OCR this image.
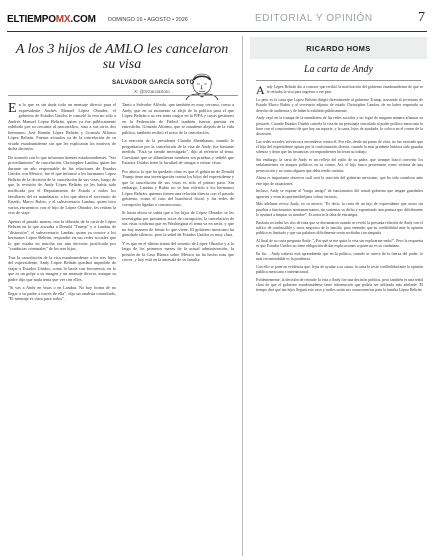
ELTIEMPOMX.COM DOMINGO 16 • AGOSTO • 2026	EDITORIAL Y OPINIÓN	7
A los 3 hijos de AMLO les cancelaron su visa
SALVADOR GARCÍA SOTO
X: @SGarciaSoto

En lo que es sin duda todo un mensaje directo para el expresidente Andrés Manuel López Obrador, el gobierno de Estados Unidos le canceló la visa no sólo a Andrés Manuel López Beltrán, quien ya fue públicamente exhibido por su cercanía al narcotráfico, sino a sus otros dos hermanos, José Ramón López Beltrán y Gonzalo Alfonso López Beltrán. Fueron avisados ya de la cancelación de su visado estadounidense sin que les explicaran los motivos de dicha decisión.

De acuerdo con lo que informan fuentes estadounidenses, "Ser procedimiento" de cancelación, Christopher Landau, quien fue durante un año responsable de las relaciones de Estados Unidos con México, fue el que informó a los hermanos López Beltrán de la decisión de la cancelación de sus visas, luego de que la revisión de Andy López Beltrán ya les había sido notificada por el Departamento de Estado a todos los familiares del ex mandatario, a los que ahora el secretario de Estado, Marco Rubio, y el subsecretario Landau, quien tuvo varios encuentros con el hijo de López Obrador, les retiran la visa de viaje.

Apenas el pasado martes, tras la difusión de la carta de López Beltrán en la que acusaba a Donald "Trump" y a Landau de "distorsión", el subsecretario Landau, quien ya conoce a los hermanos López Beltrán, respondió en sus redes sociales que lo que estaba en marcha era una decisión justificada por "conductas criminales" de los tres hijos.

Tras la cancelación de la visa estadounidense a los tres hijos del expresidente, Andy López Beltrán quedará impedido de viajar a Estados Unidos, como lo hacía con frecuencia, en lo que es un golpe a su imagen y un mensaje directo, aunque su padre dijo que nada tenía que ver con ellos.

"Si vas a Andy en visas o en Landau. No hay forma de no llegar a su padre a través de ella", dijo un analista consultado, "El mensaje es claro para todos".

Tanto a Salvador Alfredo, que también es muy cercano, como a Andy, que en su momento se alejó de la política para el que López Beltrán a su vez tenía cargos en la FIFA y cuyas gestiones en la Federación de Fútbol también fueron puestas en entredicho. Gonzalo Alfonso, que se mantiene alejado de la vida pública, también recibió el aviso de la cancelación.

La reacción de la presidenta Claudia Sheinbaum, cuando le preguntaron por la cancelación de la visa de Andy, fue bastante medida. "Está ya siendo investigado", dijo al referirse al tema. Cuestionó que se difundieran nombres sin pruebas y señaló que Estados Unidos tiene la facultad de otorgar o retirar visas.

Por ahora, lo que ha quedado claro es que el gobierno de Donald Trump tiene una investigación contra los hijos del expresidente y que la cancelación de sus visas es sólo el primer paso. Sin embargo, Landau y Rubio no se han referido a los hermanos López Beltrán, quienes tienen una relación directa con el pasado gobierno, como el caso del huachicol fiscal, y las redes de corrupción ligadas a constructoras.

Si hasta ahora se sabía que a los hijos de López Obrador se les investigaba por presuntos actos de corrupción, la cancelación de sus visas confirma que en Washington el tema va en serio, y que no hay manera de frenar lo que viene. El gobierno mexicano ha guardado silencio, pero la señal de Estados Unidos es muy clara.

Y es que en el último tramo del sexenio de López Obrador y a lo largo de los primeros meses de la actual administración, la presión de la Casa Blanca sobre México no ha hecho más que crecer, y hoy está en la antesala de su familia.

RICARDO HOMS
La carta de Andy

Andy López Beltrán dio a conocer que recibió la notificación del gobierno estadounidense de que se le retiraba la visa para ingresar a ese país.

Lo peor es la carta que López Beltrán dirigió directamente al gobierno Trump, acusando al secretario de Estado Marco Rubio y al secretario adjunto de estado Christopher Landau, de no haber respetado su derecho de audiencia y de haberlo exhibido públicamente.

Andy cayó en la trampa de la inmediatez de las redes sociales y no logró de ninguna manera afianzar su posición. Cuando Estados Unidos cancela la visa de un personaje vinculado al poder político mexicano lo hace con el conocimiento de que hay un soporte, y la carta, lejos de ayudarle, lo coloca en el centro de la discusión.

Las redes sociales volvieron a encenderse contra él. Por ello, desde mi punto de vista, no fue acertado que el hijo del expresidente optara por la confrontación directa, cuando lo más prudente hubiera sido guardar silencio y dejar que las instancias correspondientes hicieran su trabajo.

Sin embargo, la carta de Andy es un reflejo del estilo de su padre, que siempre buscó convertir los señalamientos en ataques políticos en su contra. Así, el hijo busca presentarse como víctima de una persecución y no como alguien que deba rendir cuentas.

Ahora es importante observar cuál será la reacción del gobierno mexicano, que ha sido cauteloso ante este tipo de situaciones.

Incluso, Andy se expone al "fuego amigo" de funcionarios del actual gobierno que tengan guardados agravios y vean la oportunidad para cobrar facturas.

Más adelante revisa Andy, en su misiva: "Es decir, la carta de un hijo de expresidente que acusa sin pruebas a funcionarios norteamericanos, sin sustentar su dicho y exponiendo una postura que difícilmente le ayudará a limpiar su nombre". Es notoria la falta de estrategia.

Bastaría recordar los ríos de tinta que se derramaron cuando se reveló la presunta relación de Andy con el tráfico de combustible y otros negocios de la familia, para entender que su credibilidad ante la opinión pública es limitada y que sus palabras difícilmente serán recibidas con simpatía.

Al final de su carta pregunta Andy: "¿Por qué se me quita la visa sin explicarme nada?". Pero la respuesta es que Estados Unidos no tiene obligación de dar explicaciones a quien no es su ciudadano.

En fin… Andy todavía está aprendiendo que en la política, cuando se carece de la fuerza del poder, lo más recomendable es la prudencia.

Con ello se pone en evidencia que, lejos de ayudar a su causa, la carta le restó credibilidad ante la opinión pública mexicana e internacional.

Evidentemente, la decisión de retirarle la visa a Andy fue una decisión política, pero también es una señal clara de que el gobierno estadounidense tiene información que podría ser utilizada más adelante. El tiempo dirá qué tan lejos llegará este caso y cuáles serán sus consecuencias para la familia López Beltrán.
